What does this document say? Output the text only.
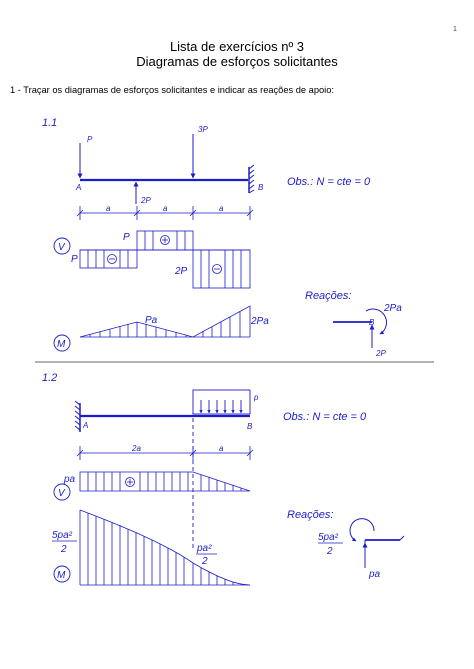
1
Lista de exercícios nº 3
Diagramas de esforços solicitantes
1 - Traçar os diagramas de esforços solicitantes e indicar as reações de apoio:
1.1
P
3P
A	B
2P
Obs.: N = cte = 0
a	a	a
V
P
P
2P
M
Pa	2Pa
Reações:
2Pa
B
2P
1.2
p
A	B
Obs.: N = cte = 0
2a	a
V
pa
M
5pa²
2	pa²
2
Reações:
5pa²
2
pa
